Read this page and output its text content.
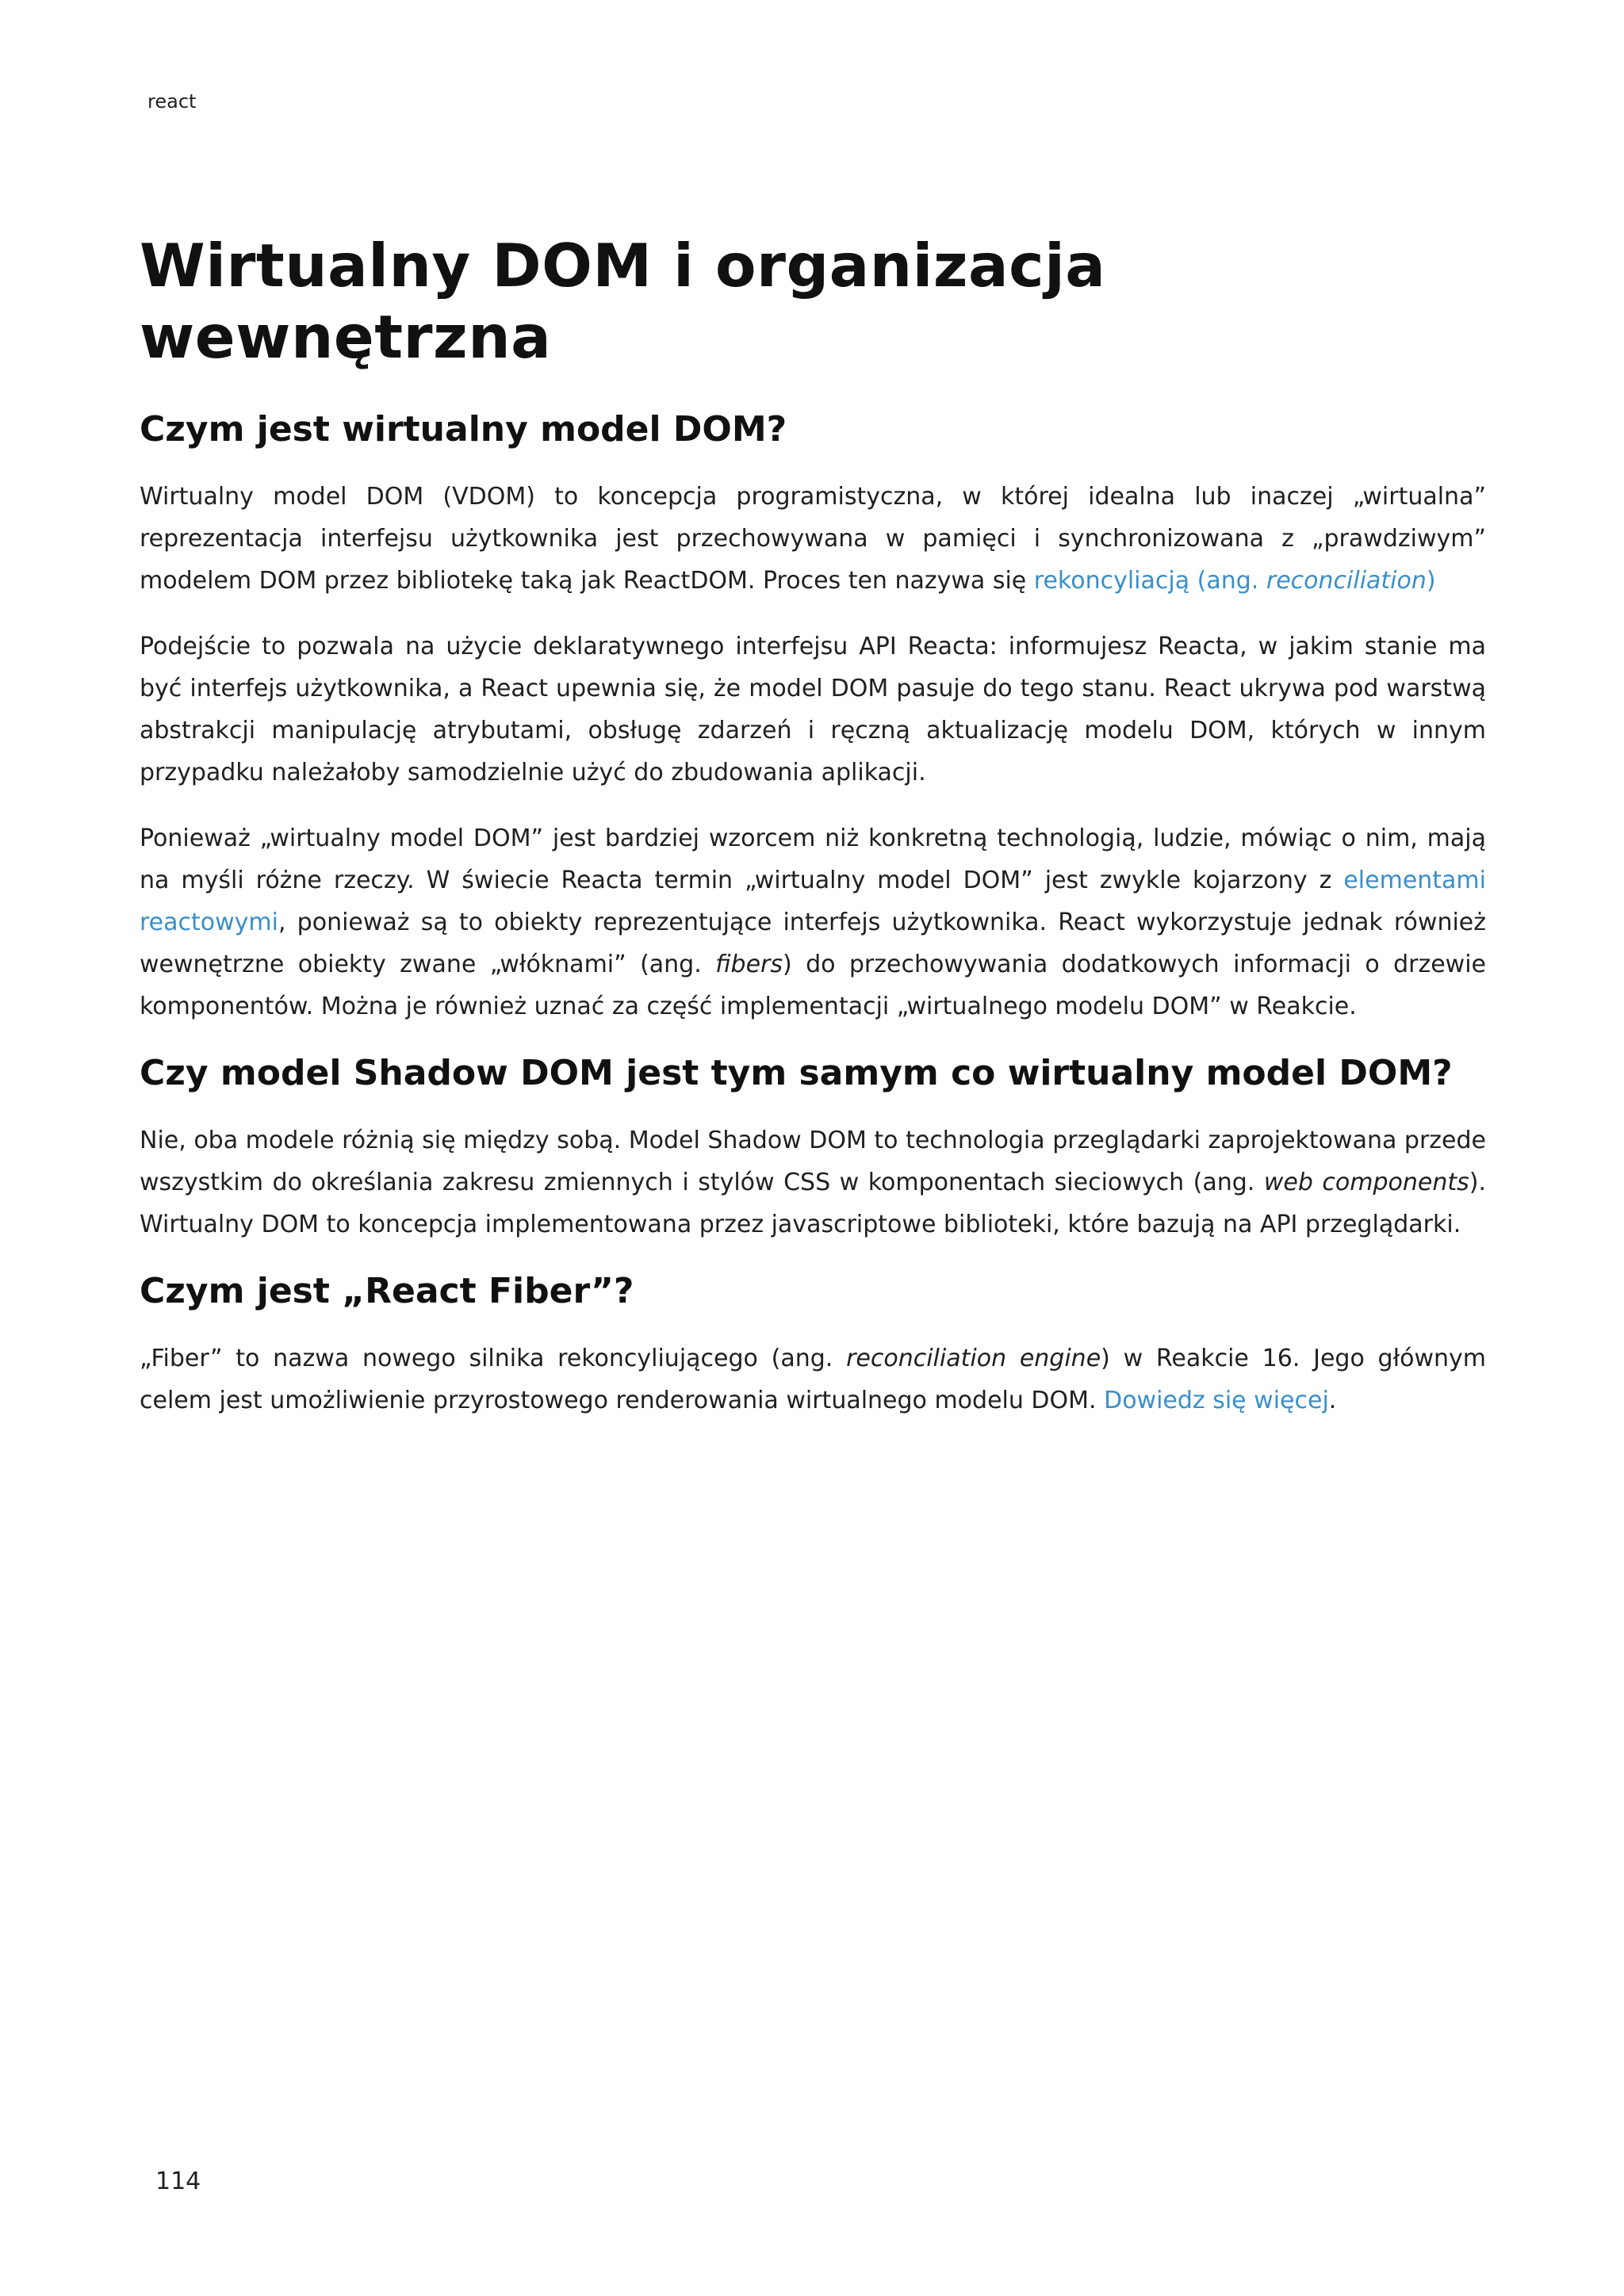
react
Wirtualny DOM i organizacja wewnętrzna
Czym jest wirtualny model DOM?

Wirtualny model DOM (VDOM) to koncepcja programistyczna, w której idealna lub inaczej „wirtualna” reprezentacja interfejsu użytkownika jest przechowywana w pamięci i synchronizowana z „prawdziwym” modelem DOM przez bibliotekę taką jak ReactDOM. Proces ten nazywa się rekoncyliacją (ang. reconciliation)

Podejście to pozwala na użycie deklaratywnego interfejsu API Reacta: informujesz Reacta, w jakim stanie ma być interfejs użytkownika, a React upewnia się, że model DOM pasuje do tego stanu. React ukrywa pod warstwą abstrakcji manipulację atrybutami, obsługę zdarzeń i ręczną aktualizację modelu DOM, których w innym przypadku należałoby samodzielnie użyć do zbudowania aplikacji.

Ponieważ „wirtualny model DOM” jest bardziej wzorcem niż konkretną technologią, ludzie, mówiąc o nim, mają na myśli różne rzeczy. W świecie Reacta termin „wirtualny model DOM” jest zwykle kojarzony z elementami reactowymi, ponieważ są to obiekty reprezentujące interfejs użytkownika. React wykorzystuje jednak również wewnętrzne obiekty zwane „włóknami” (ang. fibers) do przechowywania dodatkowych informacji o drzewie komponentów. Można je również uznać za część implementacji „wirtualnego modelu DOM” w Reakcie.

Czy model Shadow DOM jest tym samym co wirtualny model DOM?

Nie, oba modele różnią się między sobą. Model Shadow DOM to technologia przeglądarki zaprojektowana przede wszystkim do określania zakresu zmiennych i stylów CSS w komponentach sieciowych (ang. web components). Wirtualny DOM to koncepcja implementowana przez javascriptowe biblioteki, które bazują na API przeglądarki.

Czym jest „React Fiber”?

„Fiber” to nazwa nowego silnika rekoncyliującego (ang. reconciliation engine) w Reakcie 16. Jego głównym celem jest umożliwienie przyrostowego renderowania wirtualnego modelu DOM. Dowiedz się więcej.

114
